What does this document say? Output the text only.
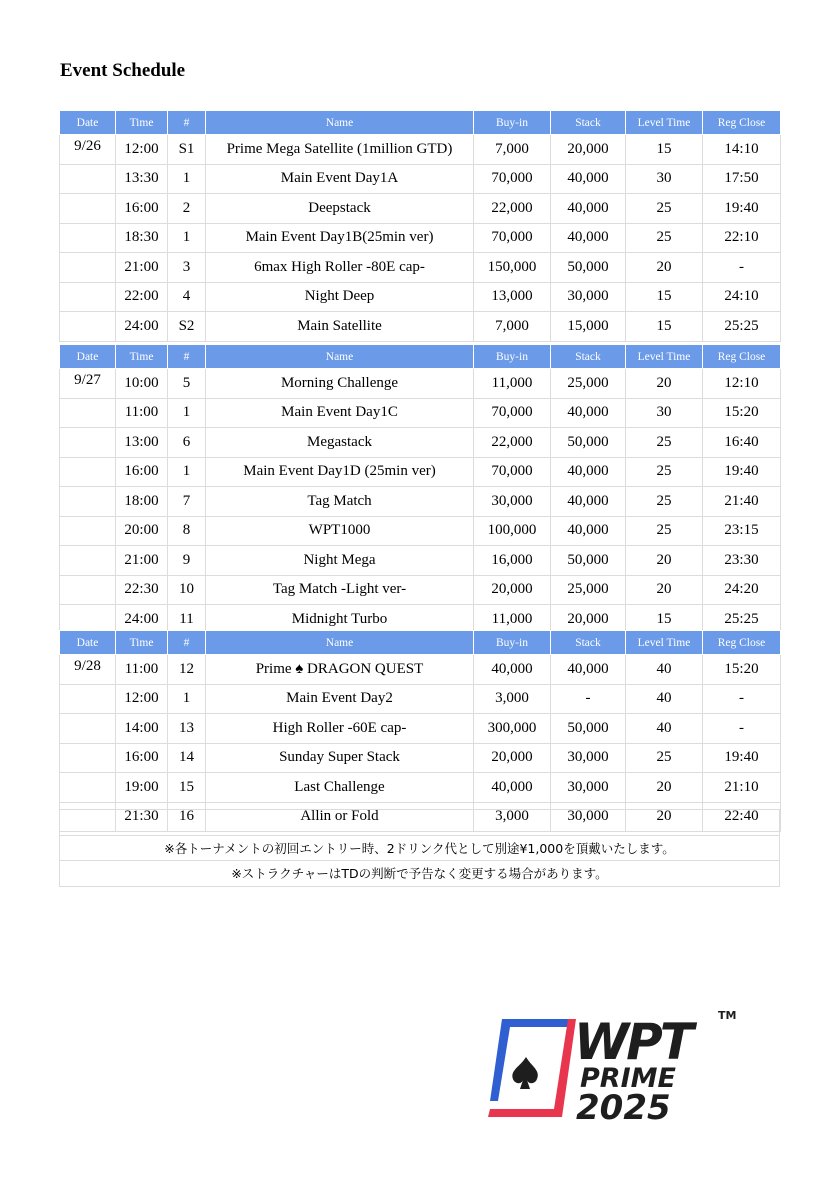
Event Schedule
Date	Time	#	Name	Buy-in	Stack	Level Time	Reg Close
9/26	12:00	S1	Prime Mega Satellite (1million GTD)	7,000	20,000	15	14:10
	13:30	1	Main Event Day1A	70,000	40,000	30	17:50
	16:00	2	Deepstack	22,000	40,000	25	19:40
	18:30	1	Main Event Day1B(25min ver)	70,000	40,000	25	22:10
	21:00	3	6max High Roller -80E cap-	150,000	50,000	20	-
	22:00	4	Night Deep	13,000	30,000	15	24:10
	24:00	S2	Main Satellite	7,000	15,000	15	25:25
Date	Time	#	Name	Buy-in	Stack	Level Time	Reg Close
9/27	10:00	5	Morning Challenge	11,000	25,000	20	12:10
	11:00	1	Main Event Day1C	70,000	40,000	30	15:20
	13:00	6	Megastack	22,000	50,000	25	16:40
	16:00	1	Main Event Day1D (25min ver)	70,000	40,000	25	19:40
	18:00	7	Tag Match	30,000	40,000	25	21:40
	20:00	8	WPT1000	100,000	40,000	25	23:15
	21:00	9	Night Mega	16,000	50,000	20	23:30
	22:30	10	Tag Match -Light ver-	20,000	25,000	20	24:20
	24:00	11	Midnight Turbo	11,000	20,000	15	25:25
Date	Time	#	Name	Buy-in	Stack	Level Time	Reg Close
9/28	11:00	12	Prime ♠ DRAGON QUEST	40,000	40,000	40	15:20
	12:00	1	Main Event Day2	3,000	-	40	-
	14:00	13	High Roller -60E cap-	300,000	50,000	40	-
	16:00	14	Sunday Super Stack	20,000	30,000	25	19:40
	19:00	15	Last Challenge	40,000	30,000	20	21:10
	21:30	16	Allin or Fold	3,000	30,000	20	22:40

※各トーナメントの初回エントリー時、2ドリンク代として別途¥1,000を頂戴いたします。
※ストラクチャーはTDの判断で予告なく変更する場合があります。
WPT
PRIME
2025
TM
